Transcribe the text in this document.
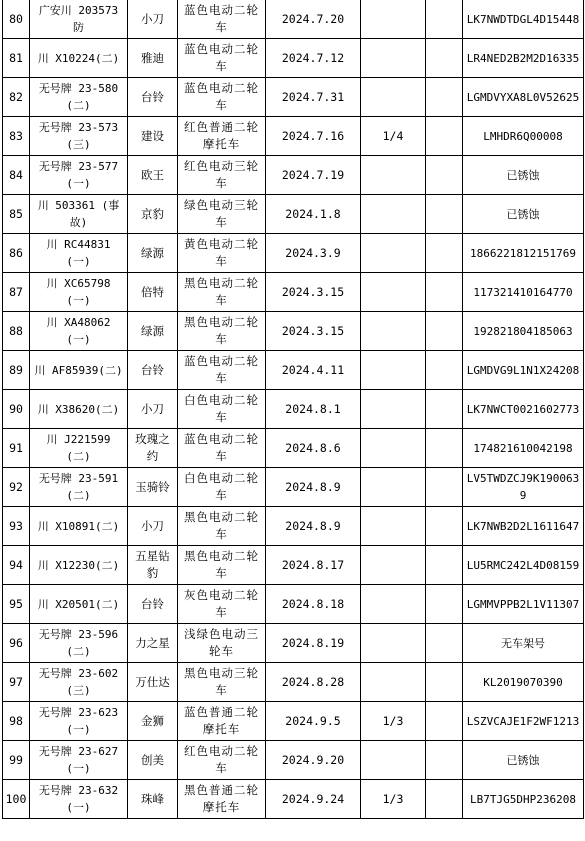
80	广安川 203573 防	小刀	蓝色电动二轮车	2024.7.20			LK7NWDTDGL4D15448
81	川 X10224(二)	雅迪	蓝色电动二轮车	2024.7.12			LR4NED2B2M2D16335
82	无号牌 23-580 (二)	台铃	蓝色电动二轮车	2024.7.31			LGMDVYXA8L0V52625
83	无号牌 23-573 (三)	建设	红色普通二轮摩托车	2024.7.16	1/4		LMHDR6Q00008
84	无号牌 23-577 (一)	欧王	红色电动三轮车	2024.7.19			已锈蚀
85	川 503361 (事故)	京豹	绿色电动三轮车	2024.1.8			已锈蚀
86	川 RC44831 (一)	绿源	黄色电动二轮车	2024.3.9			1866221812151769
87	川 XC65798 (一)	倍特	黑色电动二轮车	2024.3.15			117321410164770
88	川 XA48062 (一)	绿源	黑色电动二轮车	2024.3.15			192821804185063
89	川 AF85939(二)	台铃	蓝色电动二轮车	2024.4.11			LGMDVG9L1N1X24208
90	川 X38620(二)	小刀	白色电动二轮车	2024.8.1			LK7NWCT0021602773
91	川 J221599 (二)	玫瑰之约	蓝色电动二轮车	2024.8.6			174821610042198
92	无号牌 23-591 (二)	玉骑铃	白色电动二轮车	2024.8.9			LV5TWDZCJ9K1900639
93	川 X10891(二)	小刀	黑色电动二轮车	2024.8.9			LK7NWB2D2L1611647
94	川 X12230(二)	五星钻豹	黑色电动二轮车	2024.8.17			LU5RMC242L4D08159
95	川 X20501(二)	台铃	灰色电动二轮车	2024.8.18			LGMMVPPB2L1V11307
96	无号牌 23-596 (二)	力之星	浅绿色电动三轮车	2024.8.19			无车架号
97	无号牌 23-602 (三)	万仕达	黑色电动三轮车	2024.8.28			KL2019070390
98	无号牌 23-623 (一)	金狮	蓝色普通二轮摩托车	2024.9.5	1/3		LSZVCAJE1F2WF1213
99	无号牌 23-627 (一)	创美	红色电动二轮车	2024.9.20			已锈蚀
100	无号牌 23-632 (一)	珠峰	黑色普通二轮摩托车	2024.9.24	1/3		LB7TJG5DHP236208
